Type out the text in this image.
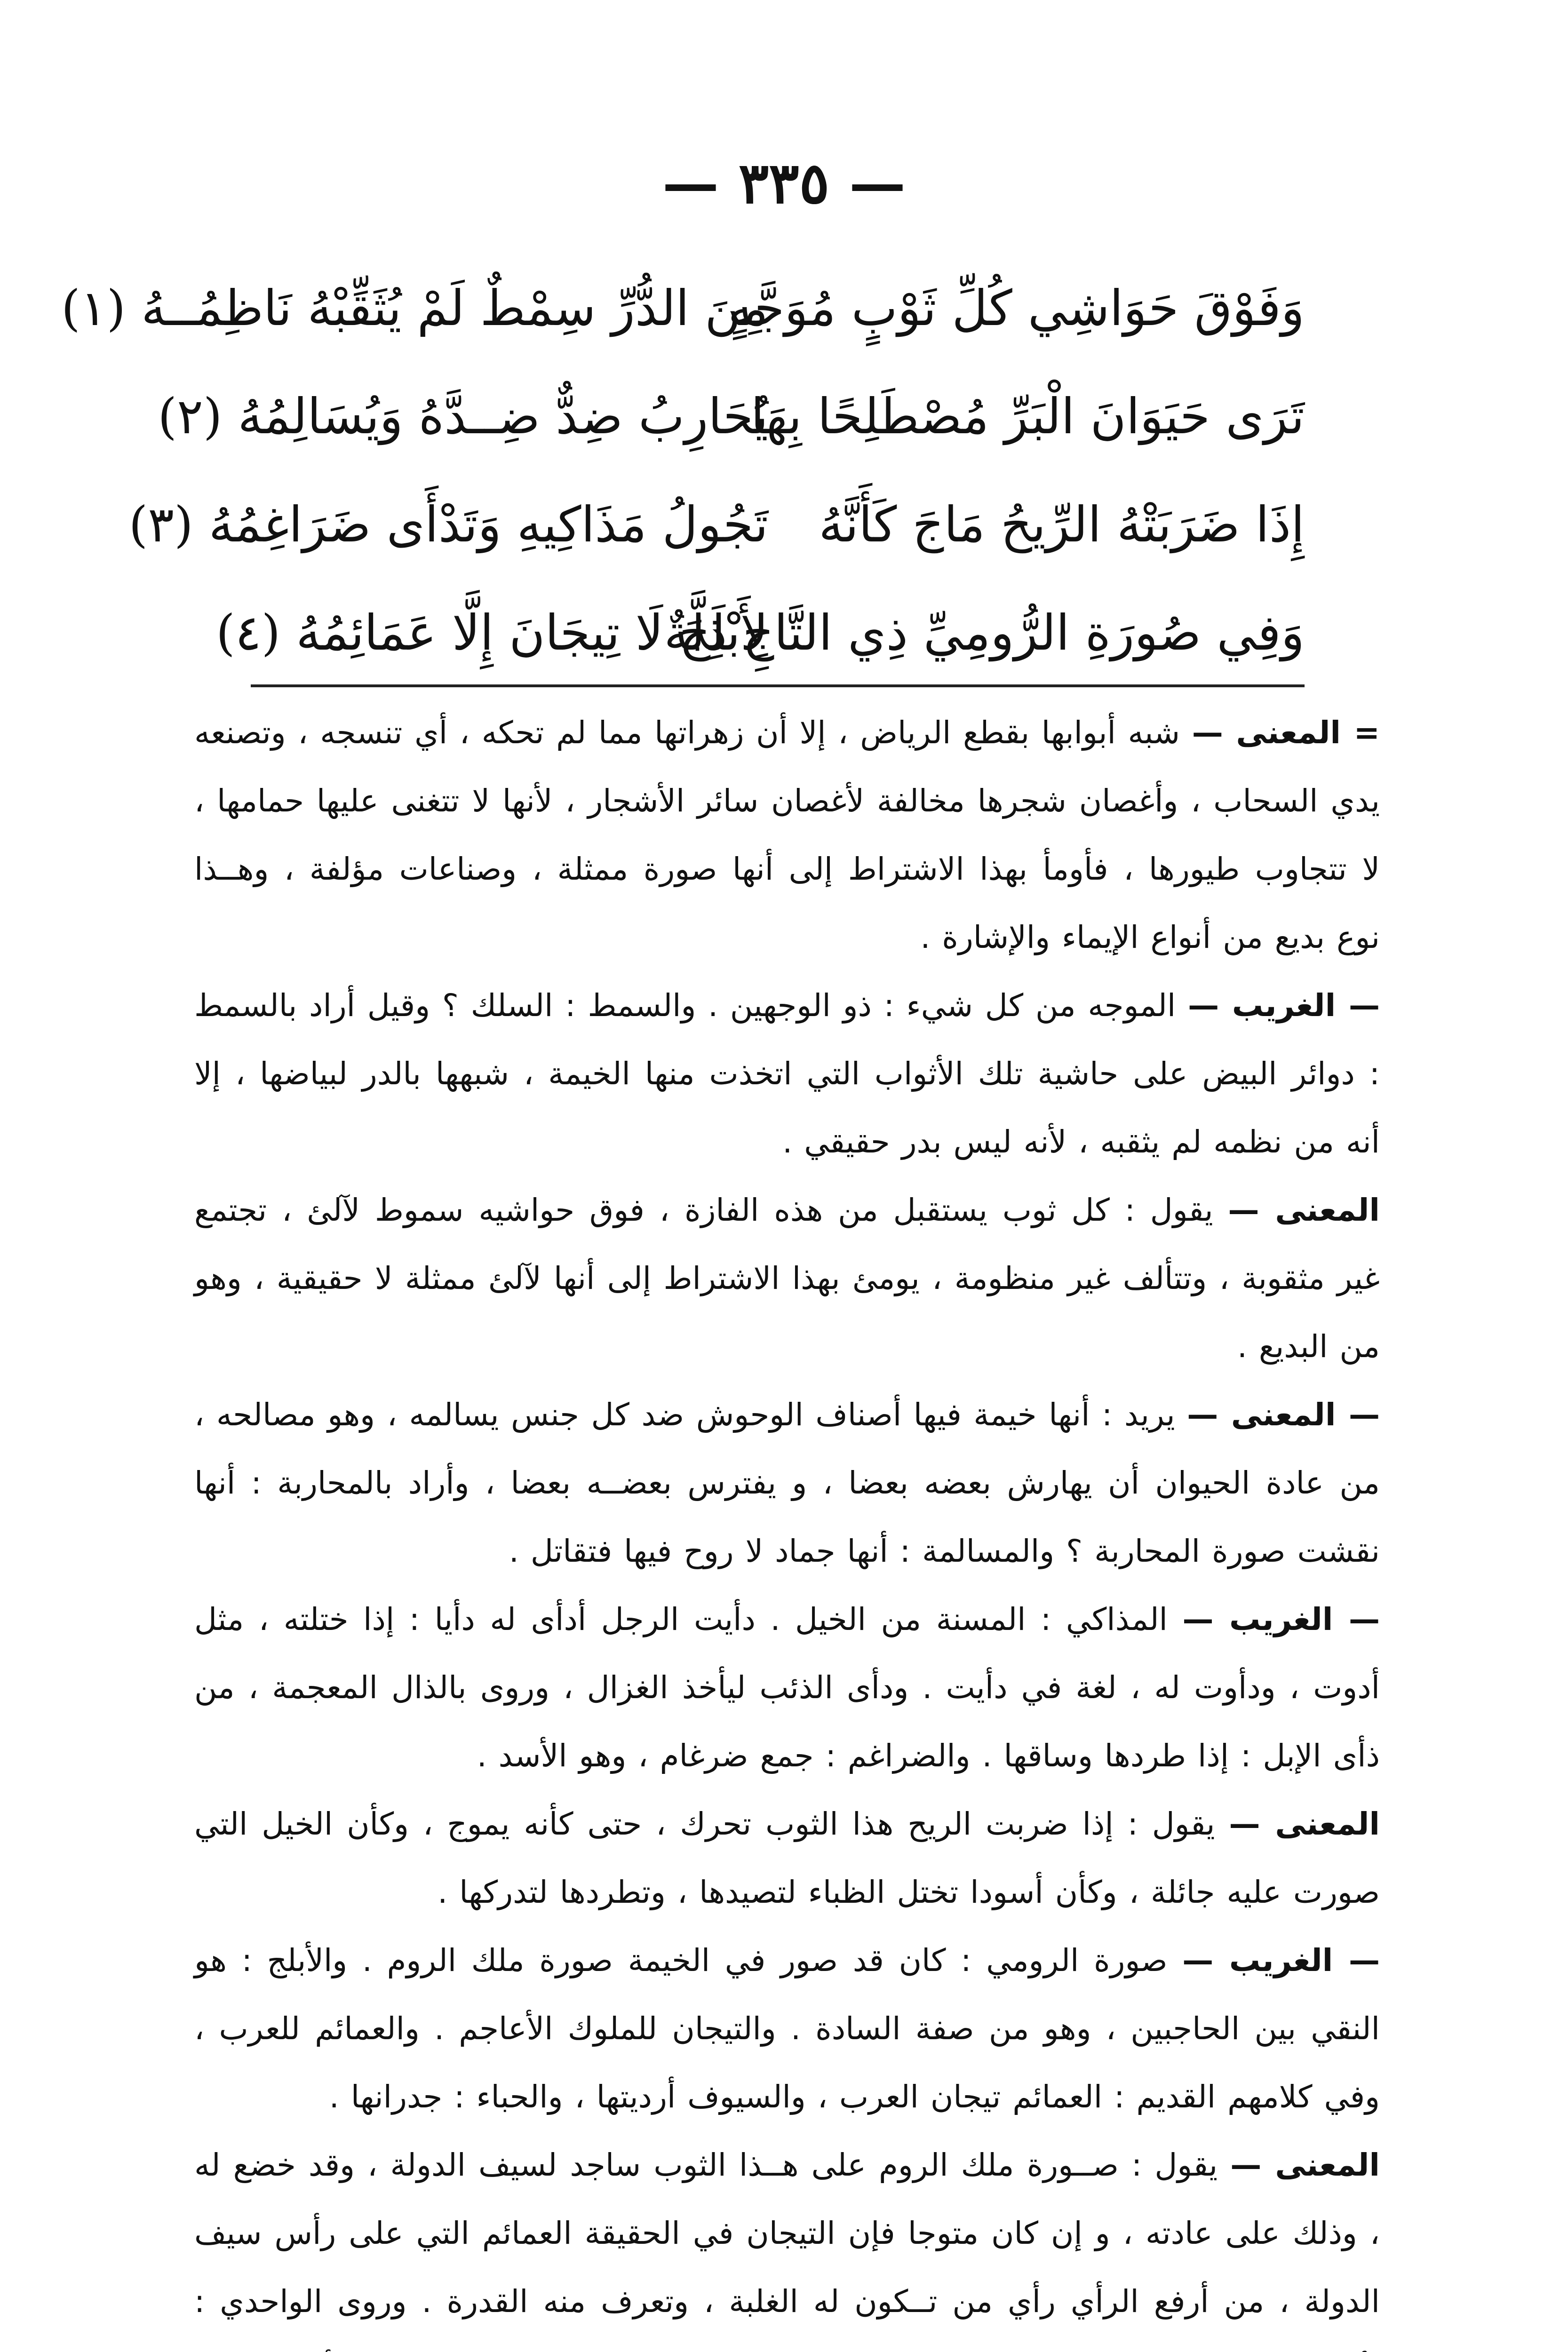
— ٣٣٥ —
وَفَوْقَ حَوَاشِي كُلِّ ثَوْبٍ مُوَجَّهٍ
مِنَ الدُّرِّ سِمْطٌ لَمْ يُثَقِّبْهُ نَاظِمُــهُ (١)
تَرَى حَيَوَانَ الْبَرِّ مُصْطَلِحًا بِهَا
يُحَارِبُ ضِدٌّ ضِــدَّهُ وَيُسَالِمُهُ (٢)
إِذَا ضَرَبَتْهُ الرِّيحُ مَاجَ كَأَنَّهُ
تَجُولُ مَذَاكِيهِ وَتَدْأَى ضَرَاغِمُهُ (٣)
وَفِي صُورَةِ الرُّومِيِّ ذِي التَّاجِ ذِلَّةٌ
لِأَبْلَجَ لَا تِيجَانَ إِلَّا عَمَائِمُهُ (٤)

= المعنى — شبه أبوابها بقطع الرياض ، إلا أن زهراتها مما لم تحكه ، أي تنسجه ، وتصنعه يدي السحاب ، وأغصان شجرها مخالفة لأغصان سائر الأشجار ، لأنها لا تتغنى عليها حمامها ، لا تتجاوب طيورها ، فأومأ بهذا الاشتراط إلى أنها صورة ممثلة ، وصناعات مؤلفة ، وهــذا نوع بديع من أنواع الإيماء والإشارة .

— الغريب — الموجه من كل شيء : ذو الوجهين . والسمط : السلك ؟ وقيل أراد بالسمط : دوائر البيض على حاشية تلك الأثواب التي اتخذت منها الخيمة ، شبهها بالدر لبياضها ، إلا أنه من نظمه لم يثقبه ، لأنه ليس بدر حقيقي .

المعنى — يقول : كل ثوب يستقبل من هذه الفازة ، فوق حواشيه سموط لآلئ ، تجتمع غير مثقوبة ، وتتألف غير منظومة ، يومئ بهذا الاشتراط إلى أنها لآلئ ممثلة لا حقيقية ، وهو من البديع .

— المعنى — يريد : أنها خيمة فيها أصناف الوحوش ضد كل جنس يسالمه ، وهو مصالحه ، من عادة الحيوان أن يهارش بعضه بعضا ، و يفترس بعضــه بعضا ، وأراد بالمحاربة : أنها نقشت صورة المحاربة ؟ والمسالمة : أنها جماد لا روح فيها فتقاتل .

— الغريب — المذاكي : المسنة من الخيل . دأيت الرجل أدأى له دأيا : إذا ختلته ، مثل أدوت ، ودأوت له ، لغة في دأيت . ودأى الذئب ليأخذ الغزال ، وروى بالذال المعجمة ، من ذأى الإبل : إذا طردها وساقها . والضراغم : جمع ضرغام ، وهو الأسد .

المعنى — يقول : إذا ضربت الريح هذا الثوب تحرك ، حتى كأنه يموج ، وكأن الخيل التي صورت عليه جائلة ، وكأن أسودا تختل الظباء لتصيدها ، وتطردها لتدركها .

— الغريب — صورة الرومي : كان قد صور في الخيمة صورة ملك الروم . والأبلج : هو النقي بين الحاجبين ، وهو من صفة السادة . والتيجان للملوك الأعاجم . والعمائم للعرب ، وفي كلامهم القديم : العمائم تيجان العرب ، والسيوف أرديتها ، والحباء : جدرانها .

المعنى — يقول : صــورة ملك الروم على هــذا الثوب ساجد لسيف الدولة ، وقد خضع له ، وذلك على عادته ، و إن كان متوجا فإن التيجان في الحقيقة العمائم التي على رأس سيف الدولة ، من أرفع الرأي رأي من تــكون له الغلبة ، وتعرف منه القدرة . وروى الواحدي :
